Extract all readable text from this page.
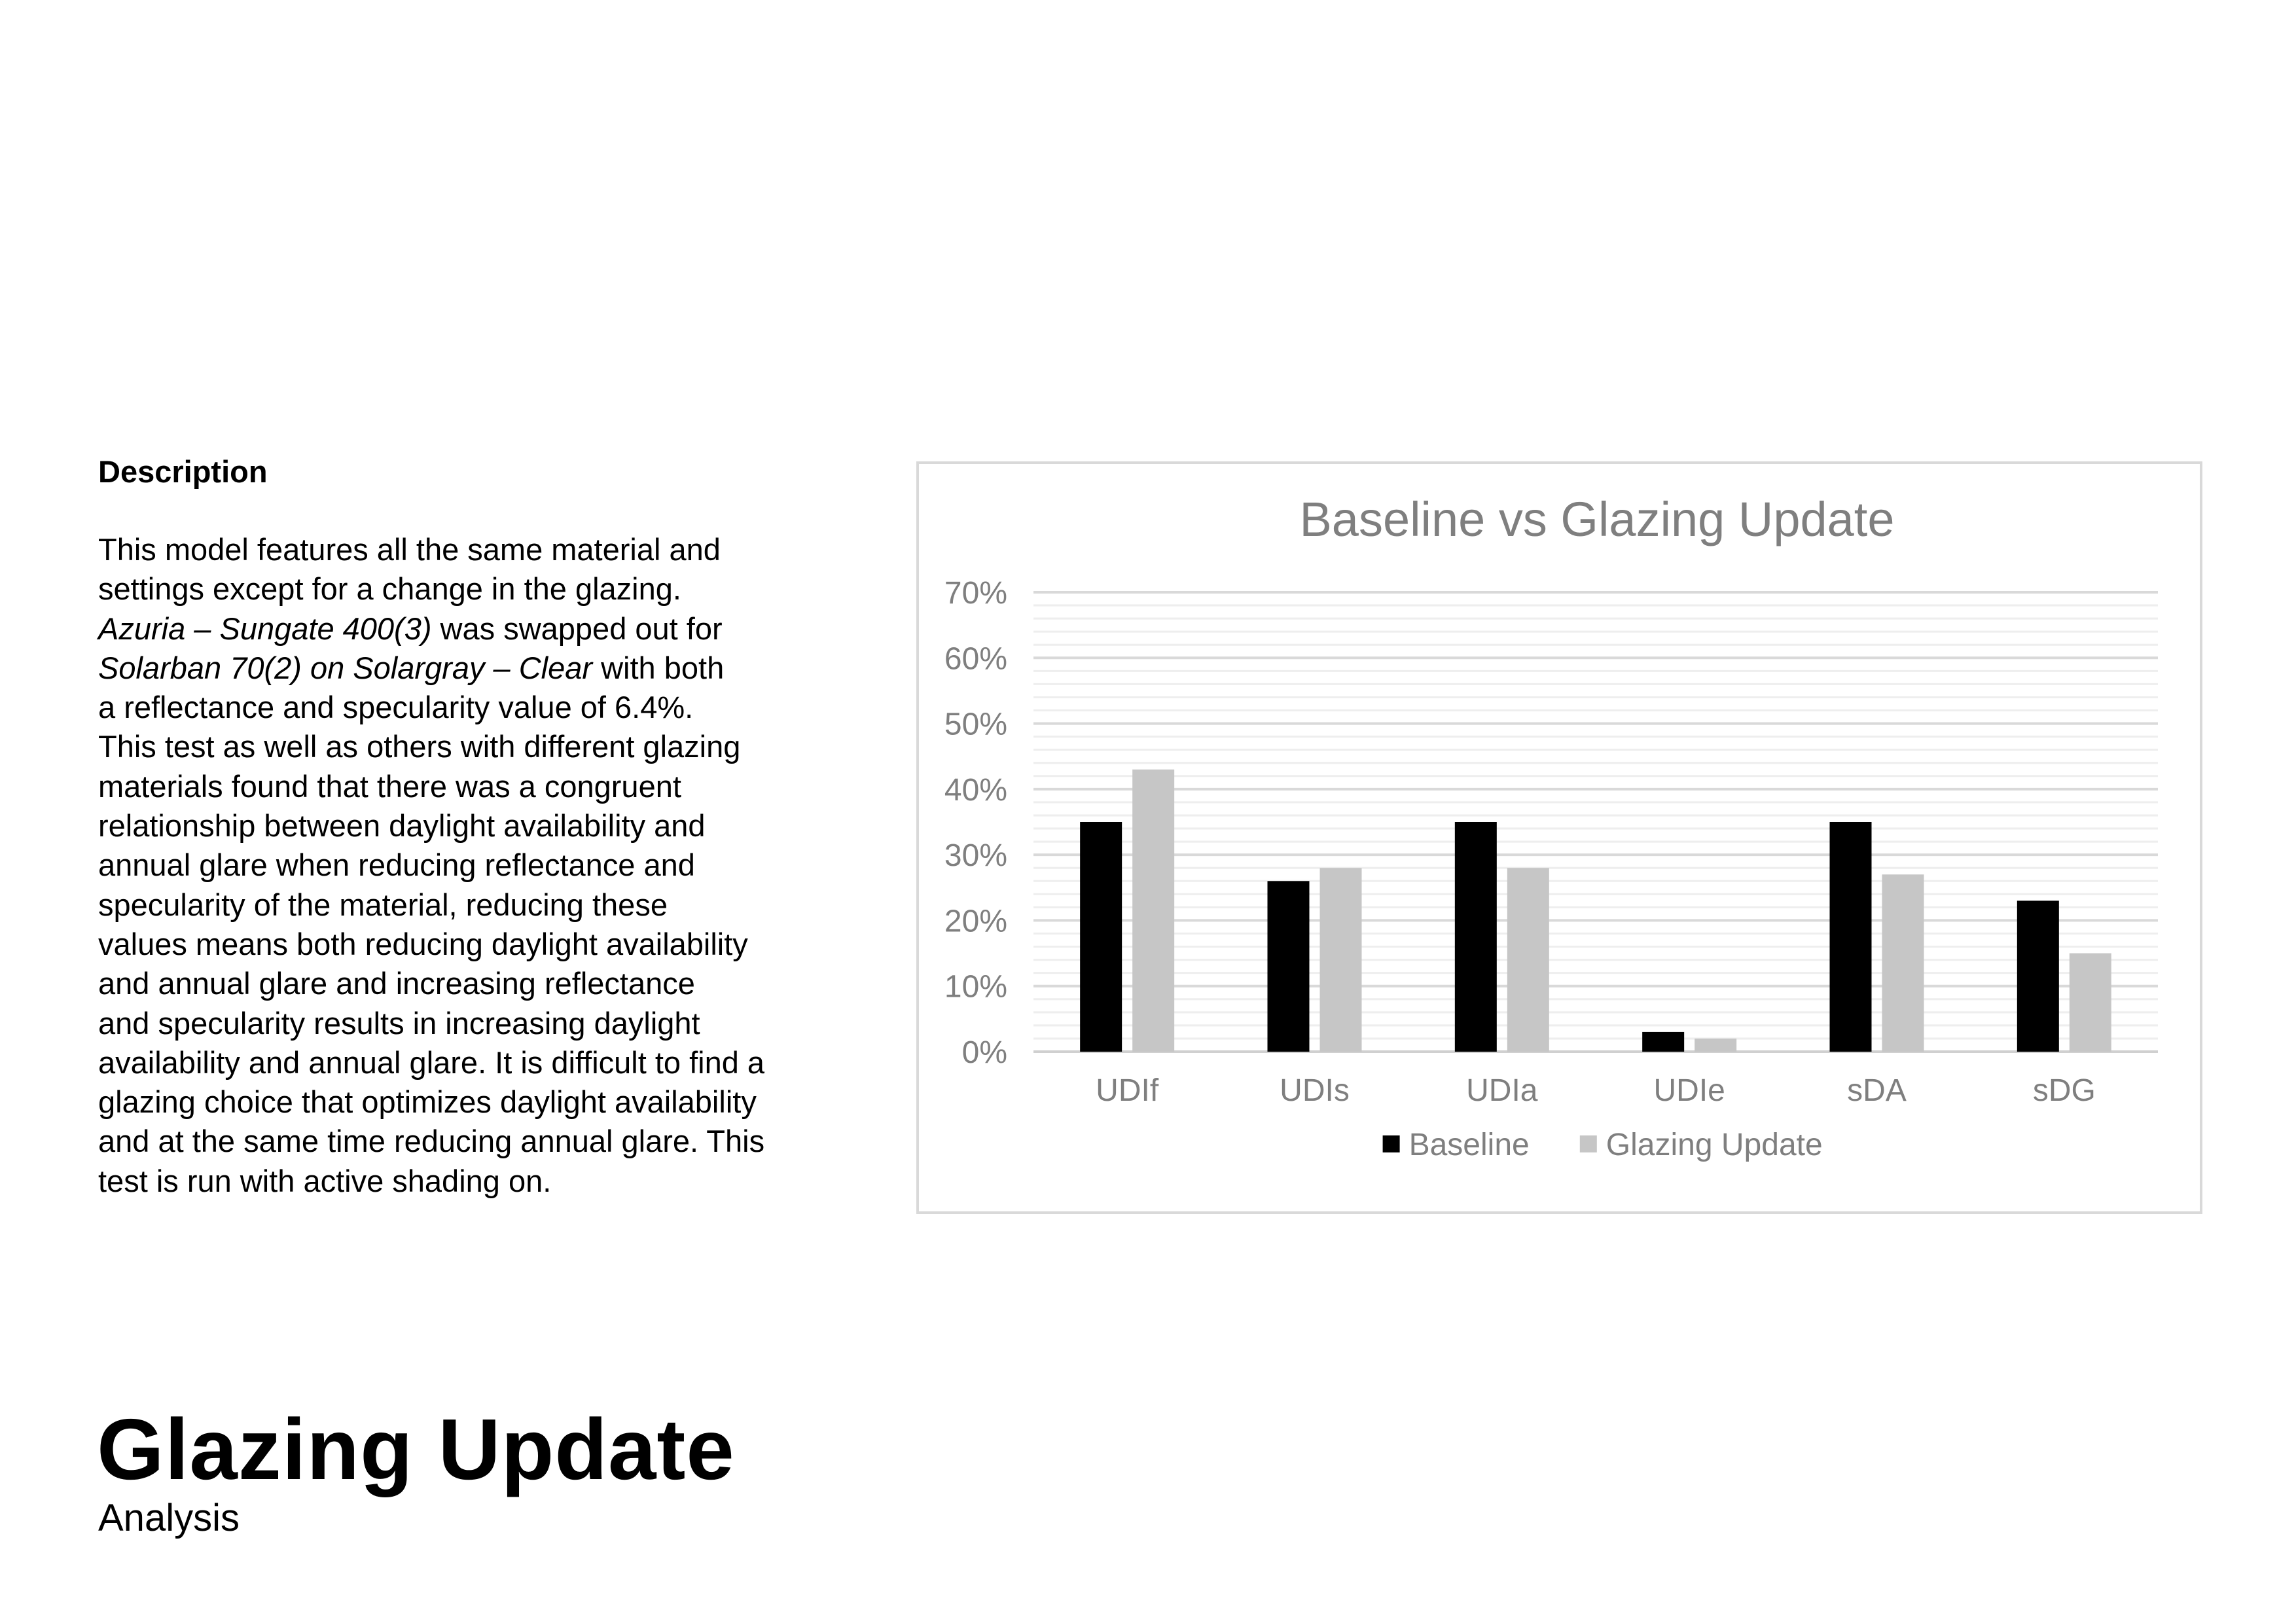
Description
This model features all the same material and
settings except for a change in the glazing.
Azuria – Sungate 400(3) was swapped out for
Solarban 70(2) on Solargray – Clear with both
a reflectance and specularity value of 6.4%.
This test as well as others with different glazing
materials found that there was a congruent
relationship between daylight availability and
annual glare when reducing reflectance and
specularity of the material, reducing these
values means both reducing daylight availability
and annual glare and increasing reflectance
and specularity results in increasing daylight
availability and annual glare. It is difficult to find a
glazing choice that optimizes daylight availability
and at the same time reducing annual glare. This
test is run with active shading on.
Baseline vs Glazing Update
0%
10%
20%
30%
40%
50%
60%
70%
UDIf	UDIs	UDIa	UDIe	sDA	sDG
Baseline Glazing Update
Glazing Update
Analysis
